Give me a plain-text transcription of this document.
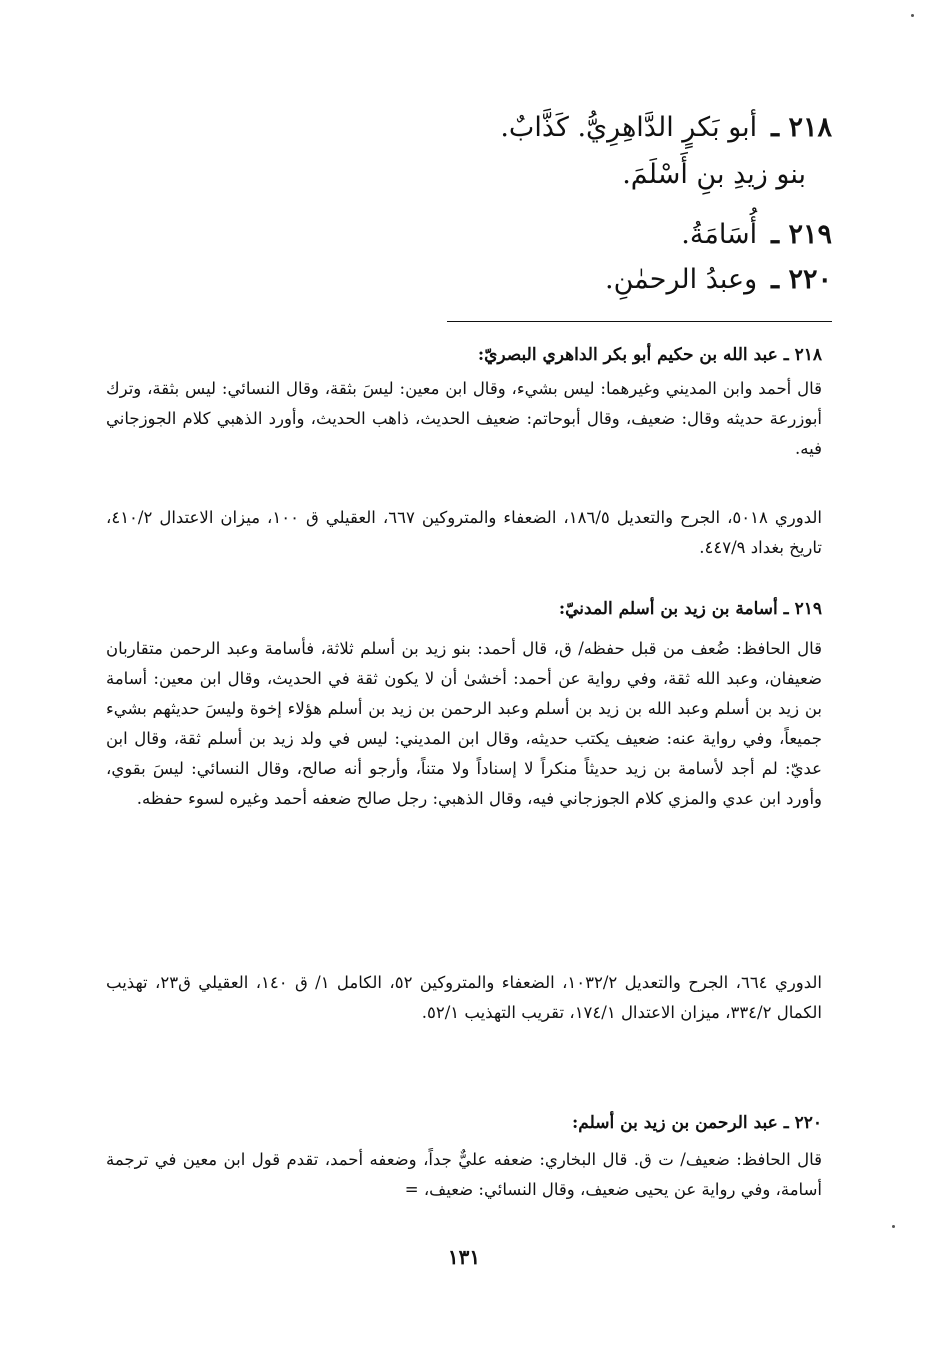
٢١٨ ـ
أبو بَكرٍ الدَّاهِرِيُّ. كَذَّابٌ.
بنو زيدِ بنِ أَسْلَمَ.
٢١٩ ـ
أُسَامَةُ.
٢٢٠ ـ
وعبدُ الرحمٰنِ.
٢١٨ ـ عبد الله بن حكيم أبو بكر الداهري البصريّ:
قال أحمد وابن المديني وغيرهما: ليس بشيء، وقال ابن معين: ليسَ بثقة، وقال النسائي: ليس بثقة، وترك أبوزرعة حديثه وقال: ضعيف، وقال أبوحاتم: ضعيف الحديث، ذاهب الحديث، وأورد الذهبي كلام الجوزجاني فيه.
الدوري ٥٠١٨، الجرح والتعديل ١٨٦/٥، الضعفاء والمتروكين ٦٦٧، العقيلي ق ١٠٠، ميزان الاعتدال ٤١٠/٢، تاريخ بغداد ٤٤٧/٩.
٢١٩ ـ أسامة بن زيد بن أسلم المدنيّ:
قال الحافظ: ضُعف من قبل حفظه/ ق، قال أحمد: بنو زيد بن أسلم ثلاثة، فأسامة وعبد الرحمن متقاربان ضعيفان، وعبد الله ثقة، وفي رواية عن أحمد: أخشىٰ أن لا يكون ثقة في الحديث، وقال ابن معين: أسامة بن زيد بن أسلم وعبد الله بن زيد بن أسلم وعبد الرحمن بن زيد بن أسلم هؤلاء إخوة وليسَ حديثهم بشيء جميعاً، وفي رواية عنه: ضعيف يكتب حديثه، وقال ابن المديني: ليس في ولد زيد بن أسلم ثقة، وقال ابن عديّ: لم أجد لأسامة بن زيد حديثاً منكراً لا إسناداً ولا متناً، وأرجو أنه صالح، وقال النسائي: ليسَ بقوي، وأورد ابن عدي والمزي كلام الجوزجاني فيه، وقال الذهبي: رجل صالح ضعفه أحمد وغيره لسوء حفظه.
الدوري ٦٦٤، الجرح والتعديل ١٠٣٢/٢، الضعفاء والمتروكين ٥٢، الكامل ١/ ق ١٤٠، العقيلي ق٢٣، تهذيب الكمال ٣٣٤/٢، ميزان الاعتدال ١٧٤/١، تقريب التهذيب ٥٢/١.
٢٢٠ ـ عبد الرحمن بن زيد بن أسلم:
قال الحافظ: ضعيف/ ت ق. قال البخاري: ضعفه عليٌّ جداً، وضعفه أحمد، تقدم قول ابن معين في ترجمة أسامة، وفي رواية عن يحيى ضعيف، وقال النسائي: ضعيف، =
١٣١
